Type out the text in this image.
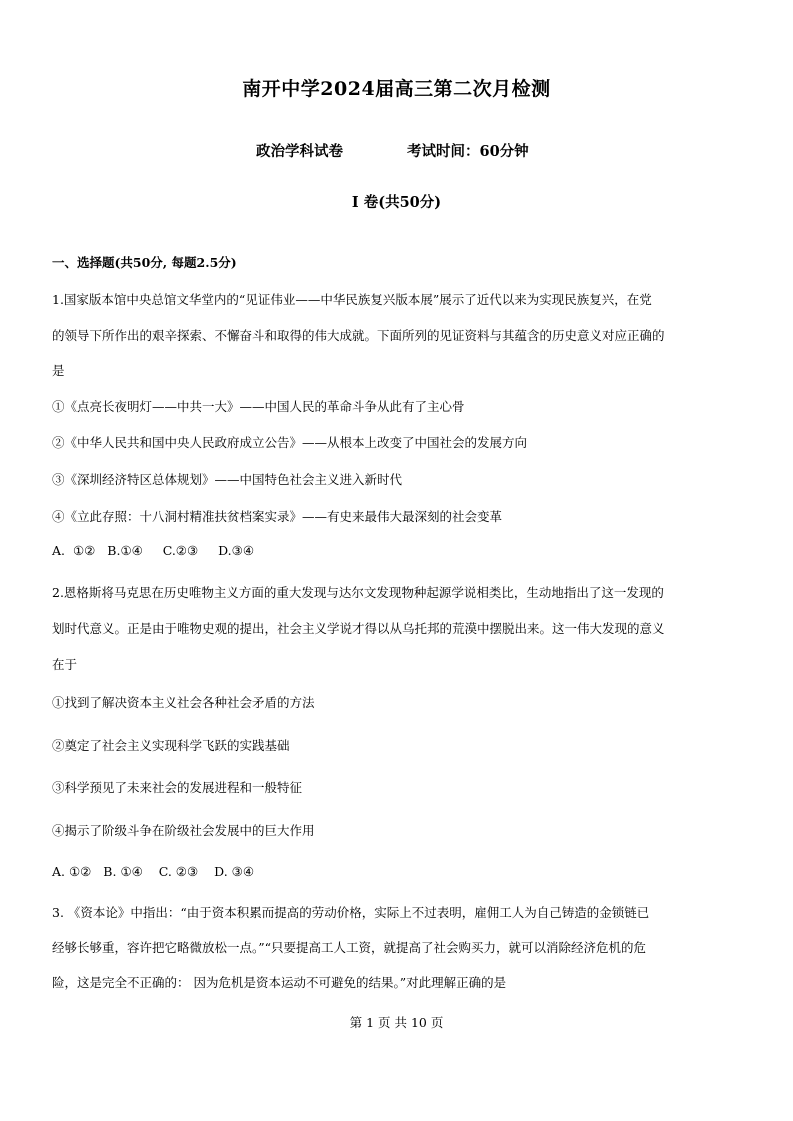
南开中学2024届高三第二次月检测
政治学科试卷	考试时间：60分钟
I 卷(共50分)
一、选择题(共50分, 每题2.5分)
1.国家版本馆中央总馆文华堂内的“见证伟业——中华民族复兴版本展”展示了近代以来为实现民族复兴，在党
的领导下所作出的艰辛探索、不懈奋斗和取得的伟大成就。下面所列的见证资料与其蕴含的历史意义对应正确的
是
①《点亮长夜明灯——中共一大》——中国人民的革命斗争从此有了主心骨
②《中华人民共和国中央人民政府成立公告》——从根本上改变了中国社会的发展方向
③《深圳经济特区总体规划》——中国特色社会主义进入新时代
④《立此存照：十八洞村精准扶贫档案实录》——有史来最伟大最深刻的社会变革
A.  ①②   B.①④     C.②③     D.③④
2.恩格斯将马克思在历史唯物主义方面的重大发现与达尔文发现物种起源学说相类比，生动地指出了这一发现的
划时代意义。正是由于唯物史观的提出，社会主义学说才得以从乌托邦的荒漠中摆脱出来。这一伟大发现的意义
在于
①找到了解决资本主义社会各种社会矛盾的方法
②奠定了社会主义实现科学飞跃的实践基础
③科学预见了未来社会的发展进程和一般特征
④揭示了阶级斗争在阶级社会发展中的巨大作用
A. ①②   B. ①④    C. ②③    D. ③④
3. 《资本论》中指出：“由于资本积累而提高的劳动价格，实际上不过表明，雇佣工人为自己铸造的金锁链已
经够长够重，容许把它略微放松一点。”“只要提高工人工资，就提高了社会购买力，就可以消除经济危机的危
险，这是完全不正确的： 因为危机是资本运动不可避免的结果。”对此理解正确的是
第 1 页 共 10 页
